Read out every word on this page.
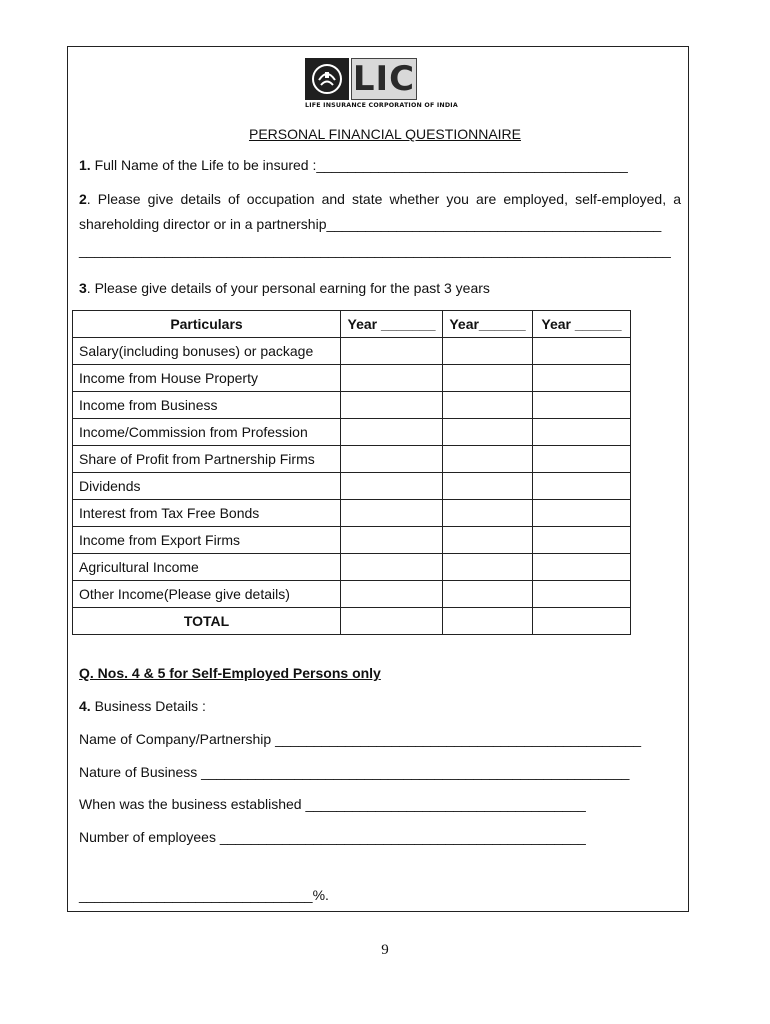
LIC
LIFE INSURANCE CORPORATION OF INDIA
PERSONAL FINANCIAL QUESTIONNAIRE
1. Full Name of the Life to be insured :________________________________________
2. Please give details of occupation and state whether you are employed, self-employed, a
shareholding director or in a partnership___________________________________________
____________________________________________________________________________
3. Please give details of your personal earning for the past 3 years
Particulars	Year _______	Year______	Year ______
Salary(including bonuses) or package			
Income from House Property			
Income from Business			
Income/Commission from Profession			
Share of Profit from Partnership Firms			
Dividends			
Interest from Tax Free Bonds			
Income from Export Firms			
Agricultural Income			
Other Income(Please give details)			
TOTAL			
Q. Nos. 4 & 5 for Self-Employed Persons only
4. Business Details :
Name of Company/Partnership _______________________________________________
Nature of Business _______________________________________________________
When was the business established ____________________________________
Number of employees _______________________________________________
______________________________%.
9
